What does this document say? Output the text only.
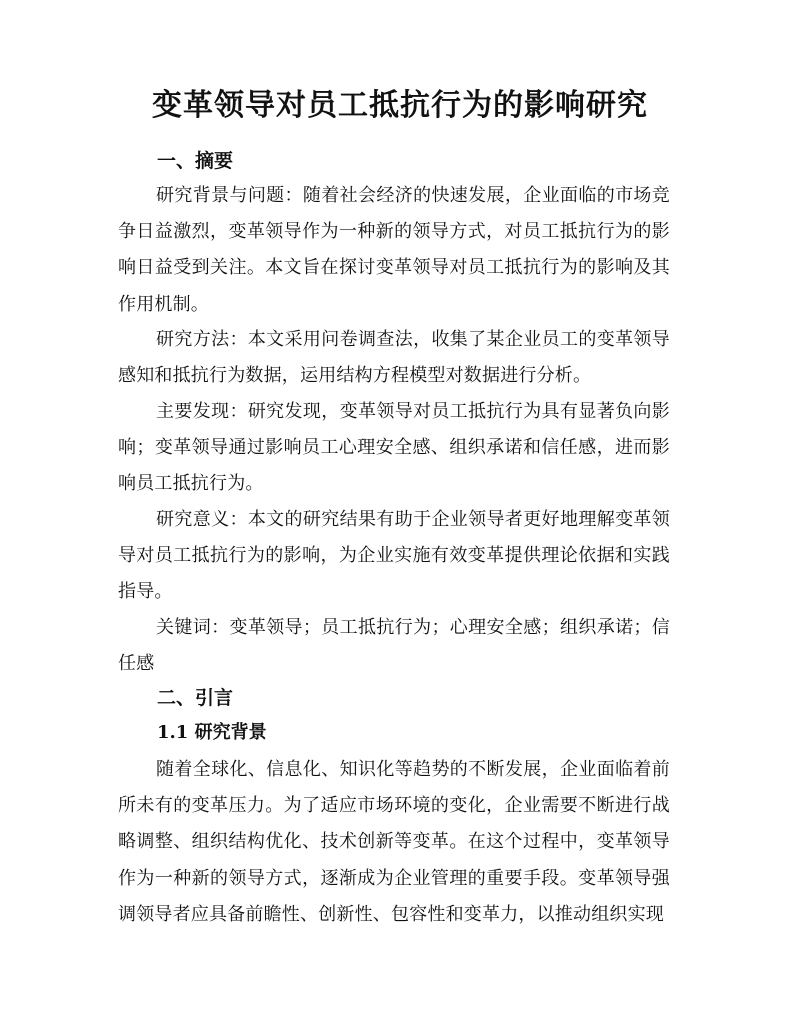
变革领导对员工抵抗行为的影响研究
一、摘要

研究背景与问题：随着社会经济的快速发展，企业面临的市场竞争日益激烈，变革领导作为一种新的领导方式，对员工抵抗行为的影响日益受到关注。本文旨在探讨变革领导对员工抵抗行为的影响及其作用机制。

研究方法：本文采用问卷调查法，收集了某企业员工的变革领导感知和抵抗行为数据，运用结构方程模型对数据进行分析。

主要发现：研究发现，变革领导对员工抵抗行为具有显著负向影响；变革领导通过影响员工心理安全感、组织承诺和信任感，进而影响员工抵抗行为。

研究意义：本文的研究结果有助于企业领导者更好地理解变革领导对员工抵抗行为的影响，为企业实施有效变革提供理论依据和实践指导。

关键词：变革领导；员工抵抗行为；心理安全感；组织承诺；信任感

二、引言
1.1 研究背景

随着全球化、信息化、知识化等趋势的不断发展，企业面临着前所未有的变革压力。为了适应市场环境的变化，企业需要不断进行战略调整、组织结构优化、技术创新等变革。在这个过程中，变革领导作为一种新的领导方式，逐渐成为企业管理的重要手段。变革领导强调领导者应具备前瞻性、创新性、包容性和变革力，以推动组织实现
